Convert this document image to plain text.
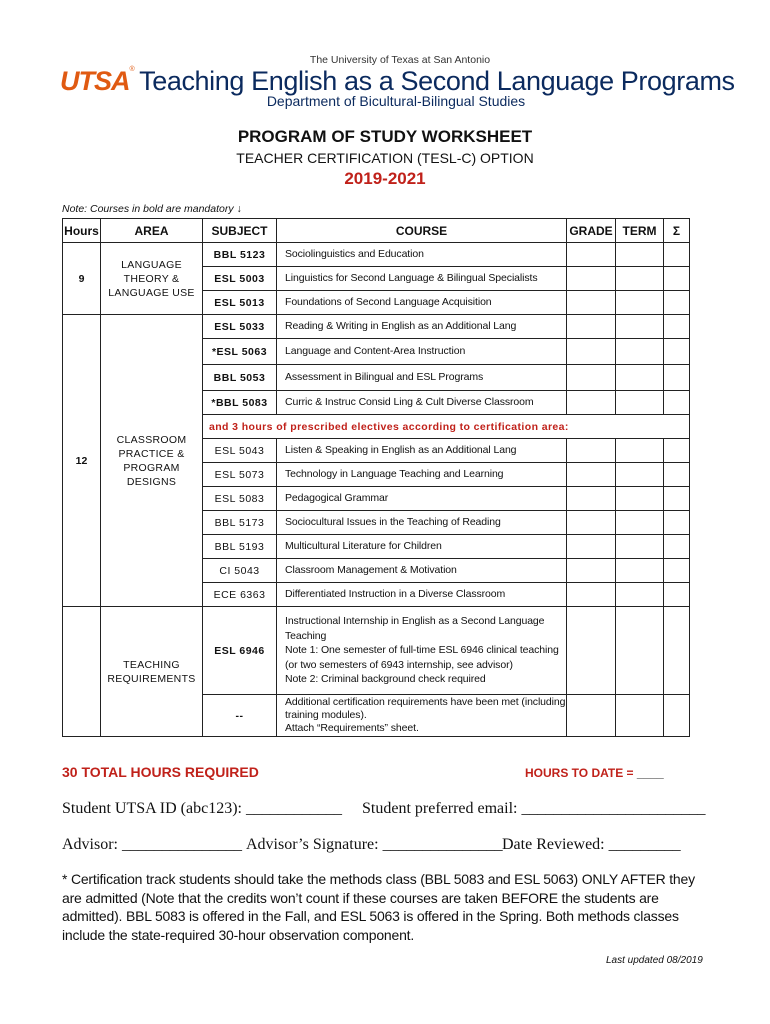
The University of Texas at San Antonio
UTSA® Teaching English as a Second Language Programs
Department of Bicultural-Bilingual Studies
PROGRAM OF STUDY WORKSHEET
TEACHER CERTIFICATION (TESL-C) OPTION
2019-2021
Note: Courses in bold are mandatory ↓
Hours	AREA	SUBJECT	COURSE	GRADE	TERM	Σ
9	LANGUAGE THEORY & LANGUAGE USE	BBL 5123	Sociolinguistics and Education			
		ESL 5003	Linguistics for Second Language & Bilingual Specialists			
		ESL 5013	Foundations of Second Language Acquisition			
12	CLASSROOM PRACTICE & PROGRAM DESIGNS	ESL 5033	Reading & Writing in English as an Additional Lang			
		*ESL 5063	Language and Content-Area Instruction			
		BBL 5053	Assessment in Bilingual and ESL Programs			
		*BBL 5083	Curric & Instruc Consid Ling & Cult Diverse Classroom			
		and 3 hours of prescribed electives according to certification area:				
		ESL 5043	Listen & Speaking in English as an Additional Lang			
		ESL 5073	Technology in Language Teaching and Learning			
		ESL 5083	Pedagogical Grammar			
		BBL 5173	Sociocultural Issues in the Teaching of Reading			
		BBL 5193	Multicultural Literature for Children			
		CI 5043	Classroom Management & Motivation			
		ECE 6363	Differentiated Instruction in a Diverse Classroom			
	TEACHING REQUIREMENTS	ESL 6946	Instructional Internship in English as a Second Language Teaching
Note 1: One semester of full-time ESL 6946 clinical teaching (or two semesters of 6943 internship, see advisor)
Note 2: Criminal background check required			

		--	Additional certification requirements have been met (including training modules).
Attach “Requirements” sheet.			

30 TOTAL HOURS REQUIRED	HOURS TO DATE = ____
Student UTSA ID (abc123): ____________ Student preferred email: _______________________
Advisor: _______________ Advisor’s Signature: _______________ Date Reviewed: _________
* Certification track students should take the methods class (BBL 5083 and ESL 5063) ONLY AFTER they are admitted (Note that the credits won’t count if these courses are taken BEFORE the students are admitted). BBL 5083 is offered in the Fall, and ESL 5063 is offered in the Spring. Both methods classes include the state-required 30-hour observation component.
Last updated 08/2019
